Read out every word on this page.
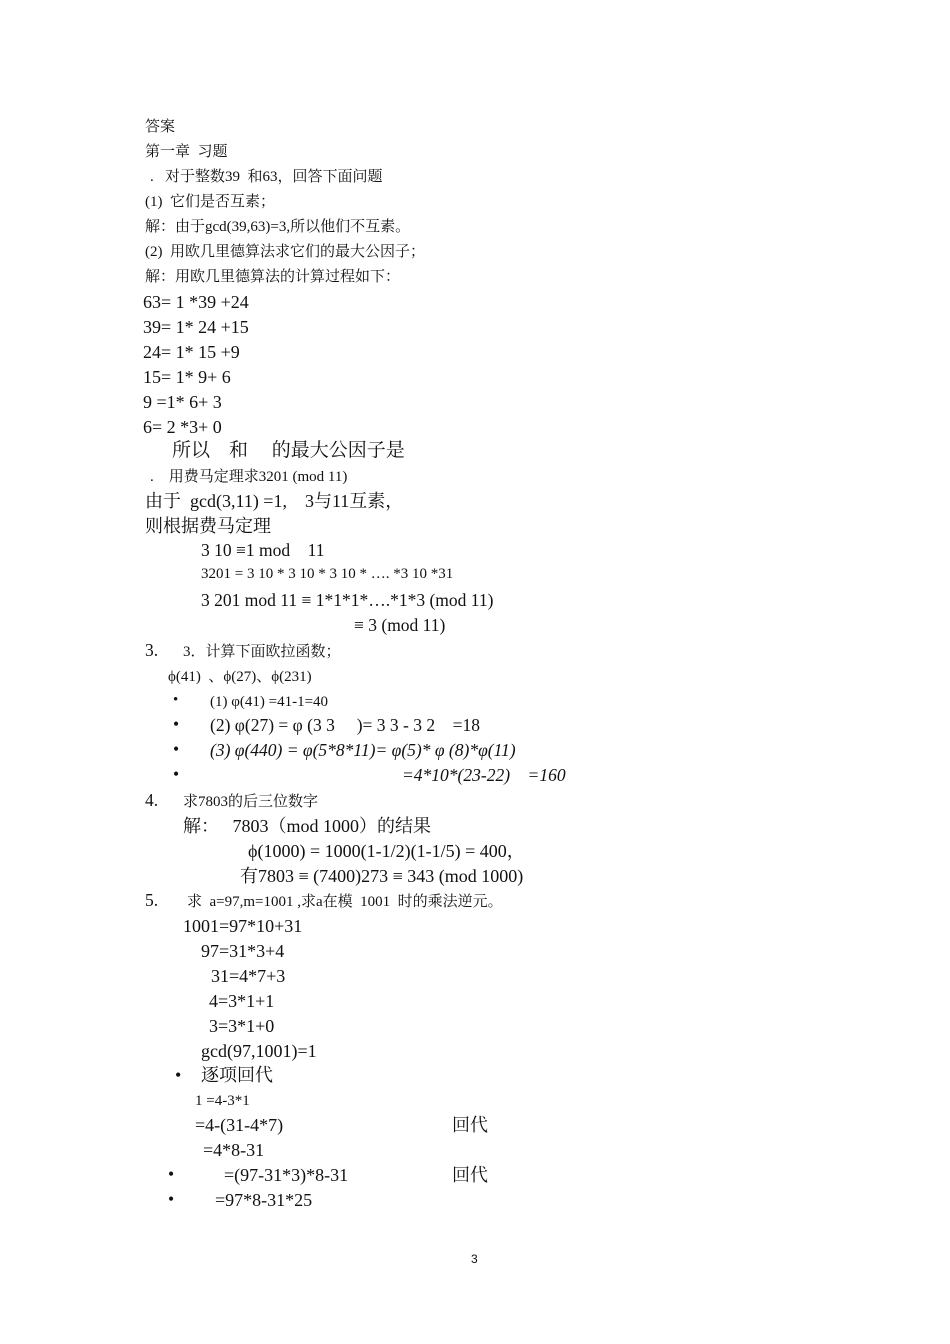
答案
第一章  习题
.   对于整数39  和63，回答下面问题
(1)  它们是否互素；
解：由于gcd(39,63)=3,所以他们不互素。
(2)  用欧几里德算法求它们的最大公因子；
解：用欧几里德算法的计算过程如下：
63= 1 *39 +24
39= 1* 24 +15
24= 1* 15 +9
15= 1* 9+ 6
9 =1* 6+ 3
6= 2 *3+ 0
所以    和     的最大公因子是
.    用费马定理求3201 (mod 11)
由于  gcd(3,11) =1,    3与11互素，
则根据费马定理
3 10 ≡1 mod    11
3201 = 3 10 * 3 10 * 3 10 * …. *3 10 *31
3 201 mod 11 ≡ 1*1*1*….*1*3 (mod 11)
≡ 3 (mod 11)
3. 3．计算下面欧拉函数；
ϕ(41)  、ϕ(27)、ϕ(231)
• (1) φ(41) =41-1=40
• (2) φ(27) = φ (3 3     )= 3 3 - 3 2    =18
• (3) φ(440) = φ(5*8*11)= φ(5)* φ (8)*φ(11)
•	=4*10*(23-22)    =160
4. 求7803的后三位数字
解：   7803（mod 1000）的结果
ϕ(1000) = 1000(1-1/2)(1-1/5) = 400，
有7803 ≡ (7400)273 ≡ 343 (mod 1000)
5. 求  a=97,m=1001 ,求a在模  1001  时的乘法逆元。
1001=97*10+31
97=31*3+4
31=4*7+3
4=3*1+1
3=3*1+0
gcd(97,1001)=1
• 逐项回代
1 =4-3*1
=4-(31-4*7)	回代
=4*8-31
•	=(97-31*3)*8-31	回代
• =97*8-31*25
3
